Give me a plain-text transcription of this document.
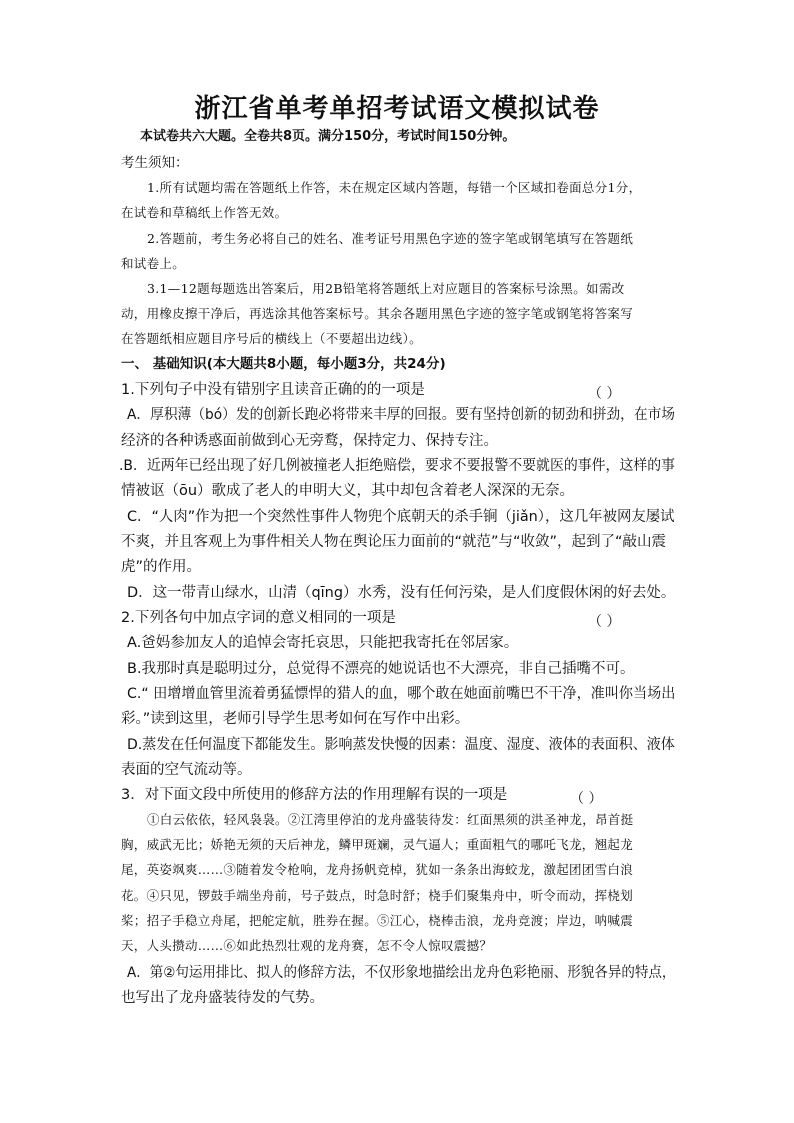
浙江省单考单招考试语文模拟试卷
本试卷共六大题。全卷共8页。满分150分，考试时间150分钟。
考生须知：
1.所有试题均需在答题纸上作答，未在规定区域内答题，每错一个区域扣卷面总分1分，
在试卷和草稿纸上作答无效。
2.答题前，考生务必将自己的姓名、准考证号用黑色字迹的签字笔或钢笔填写在答题纸
和试卷上。
3.1—12题每题选出答案后，用2B铅笔将答题纸上对应题目的答案标号涂黑。如需改
动，用橡皮擦干净后，再选涂其他答案标号。其余各题用黑色字迹的签字笔或钢笔将答案写
在答题纸相应题目序号后的横线上（不要超出边线）。
一、 基础知识(本大题共8小题，每小题3分，共24分)
1.下列句子中没有错别字且读音正确的的一项是	（ ）
A．厚积薄（bó）发的创新长跑必将带来丰厚的回报。要有坚持创新的韧劲和拼劲，在市场
经济的各种诱惑面前做到心无旁鹜，保持定力、保持专注。
.B．近两年已经出现了好几例被撞老人拒绝赔偿，要求不要报警不要就医的事件，这样的事
情被讴（ōu）歌成了老人的申明大义，其中却包含着老人深深的无奈。
C．“人肉”作为把一个突然性事件人物兜个底朝天的杀手锏（jiǎn），这几年被网友屡试
不爽，并且客观上为事件相关人物在舆论压力面前的“就范”与“收敛”，起到了“敲山震
虎”的作用。
D．这一带青山绿水，山清（qīng）水秀，没有任何污染，是人们度假休闲的好去处。
2.下列各句中加点字词的意义相同的一项是	（ ）
A.爸妈参加友人的追悼会寄托哀思，只能把我寄托在邻居家。
B.我那时真是聪明过分，总觉得不漂亮的她说话也不大漂亮，非自己插嘴不可。
C.“ 田增增血管里流着勇猛慓悍的猎人的血，哪个敢在她面前嘴巴不干净，准叫你当场出
彩。”读到这里，老师引导学生思考如何在写作中出彩。
D.蒸发在任何温度下都能发生。影响蒸发快慢的因素：温度、湿度、液体的表面积、液体
表面的空气流动等。
3．对下面文段中所使用的修辞方法的作用理解有误的一项是	（ ）
①白云依依，轻风袅袅。②江湾里停泊的龙舟盛装待发：红面黑须的洪圣神龙，昂首挺
胸，威武无比；娇艳无须的天后神龙，鳞甲斑斓，灵气逼人；重面粗气的哪吒飞龙，翘起龙
尾，英姿飒爽……③随着发令枪响，龙舟扬帆竞棹，犹如一条条出海蛟龙，激起团团雪白浪
花。④只见，锣鼓手端坐舟前，号子鼓点，时急时舒；桡手们聚集舟中，听令而动，挥桡划
桨；招子手稳立舟尾，把舵定航，胜券在握。⑤江心，桡棒击浪，龙舟竞渡；岸边，呐喊震
天，人头攒动……⑥如此热烈壮观的龙舟赛，怎不令人惊叹震撼？
A．第②句运用排比、拟人的修辞方法，不仅形象地描绘出龙舟色彩艳丽、形貌各异的特点，
也写出了龙舟盛装待发的气势。
